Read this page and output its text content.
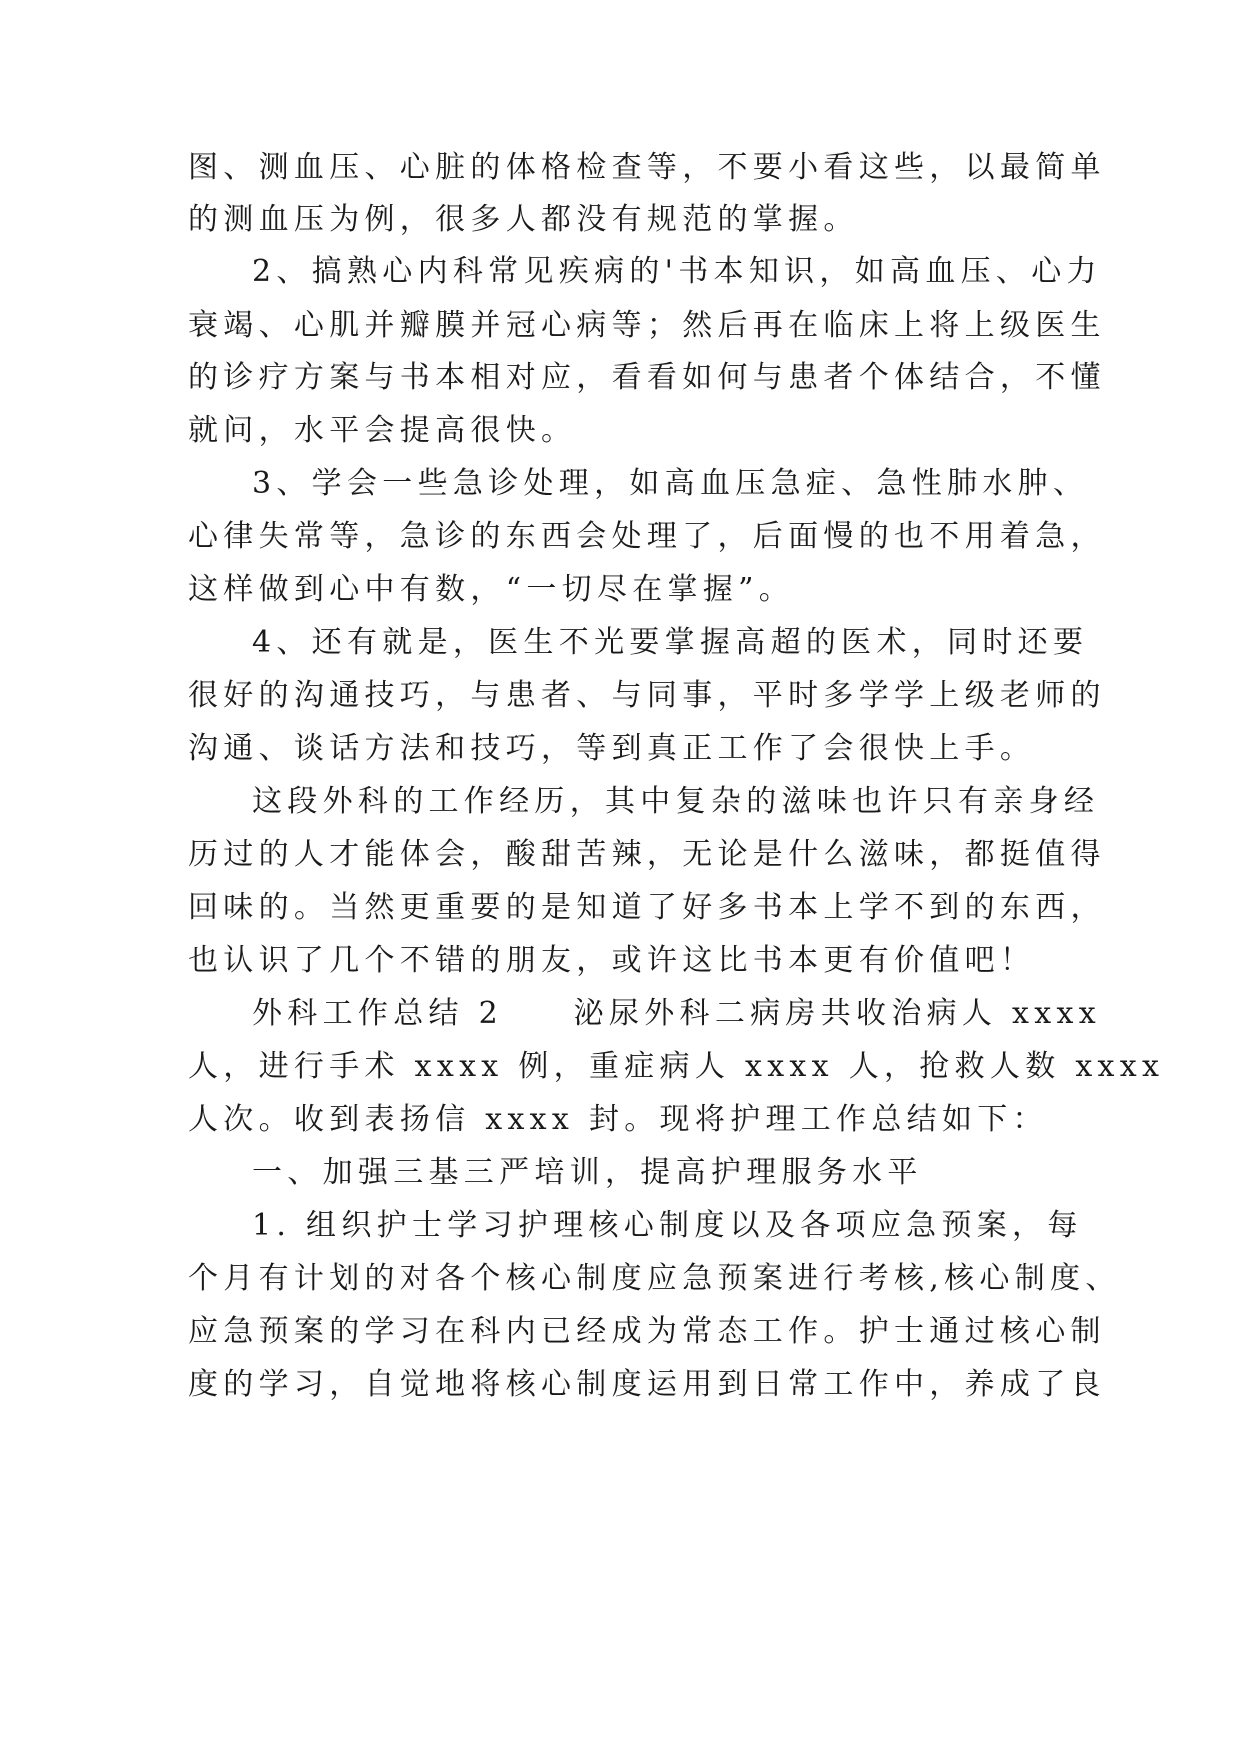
图、测血压、心脏的体格检查等，不要小看这些，以最简单
的测血压为例，很多人都没有规范的掌握。
2、搞熟心内科常见疾病的'书本知识，如高血压、心力
衰竭、心肌并瓣膜并冠心病等；然后再在临床上将上级医生
的诊疗方案与书本相对应，看看如何与患者个体结合，不懂
就问，水平会提高很快。
3、学会一些急诊处理，如高血压急症、急性肺水肿、
心律失常等，急诊的东西会处理了，后面慢的也不用着急，
这样做到心中有数，“一切尽在掌握”。
4、还有就是，医生不光要掌握高超的医术，同时还要
很好的沟通技巧，与患者、与同事，平时多学学上级老师的
沟通、谈话方法和技巧，等到真正工作了会很快上手。
这段外科的工作经历，其中复杂的滋味也许只有亲身经
历过的人才能体会，酸甜苦辣，无论是什么滋味，都挺值得
回味的。当然更重要的是知道了好多书本上学不到的东西，
也认识了几个不错的朋友，或许这比书本更有价值吧！
外科工作总结 2　　泌尿外科二病房共收治病人 xxxx
人，进行手术 xxxx 例，重症病人 xxxx 人，抢救人数 xxxx
人次。收到表扬信 xxxx 封。现将护理工作总结如下：
一、加强三基三严培训，提高护理服务水平
1. 组织护士学习护理核心制度以及各项应急预案，每
个月有计划的对各个核心制度应急预案进行考核,核心制度、
应急预案的学习在科内已经成为常态工作。护士通过核心制
度的学习，自觉地将核心制度运用到日常工作中，养成了良
